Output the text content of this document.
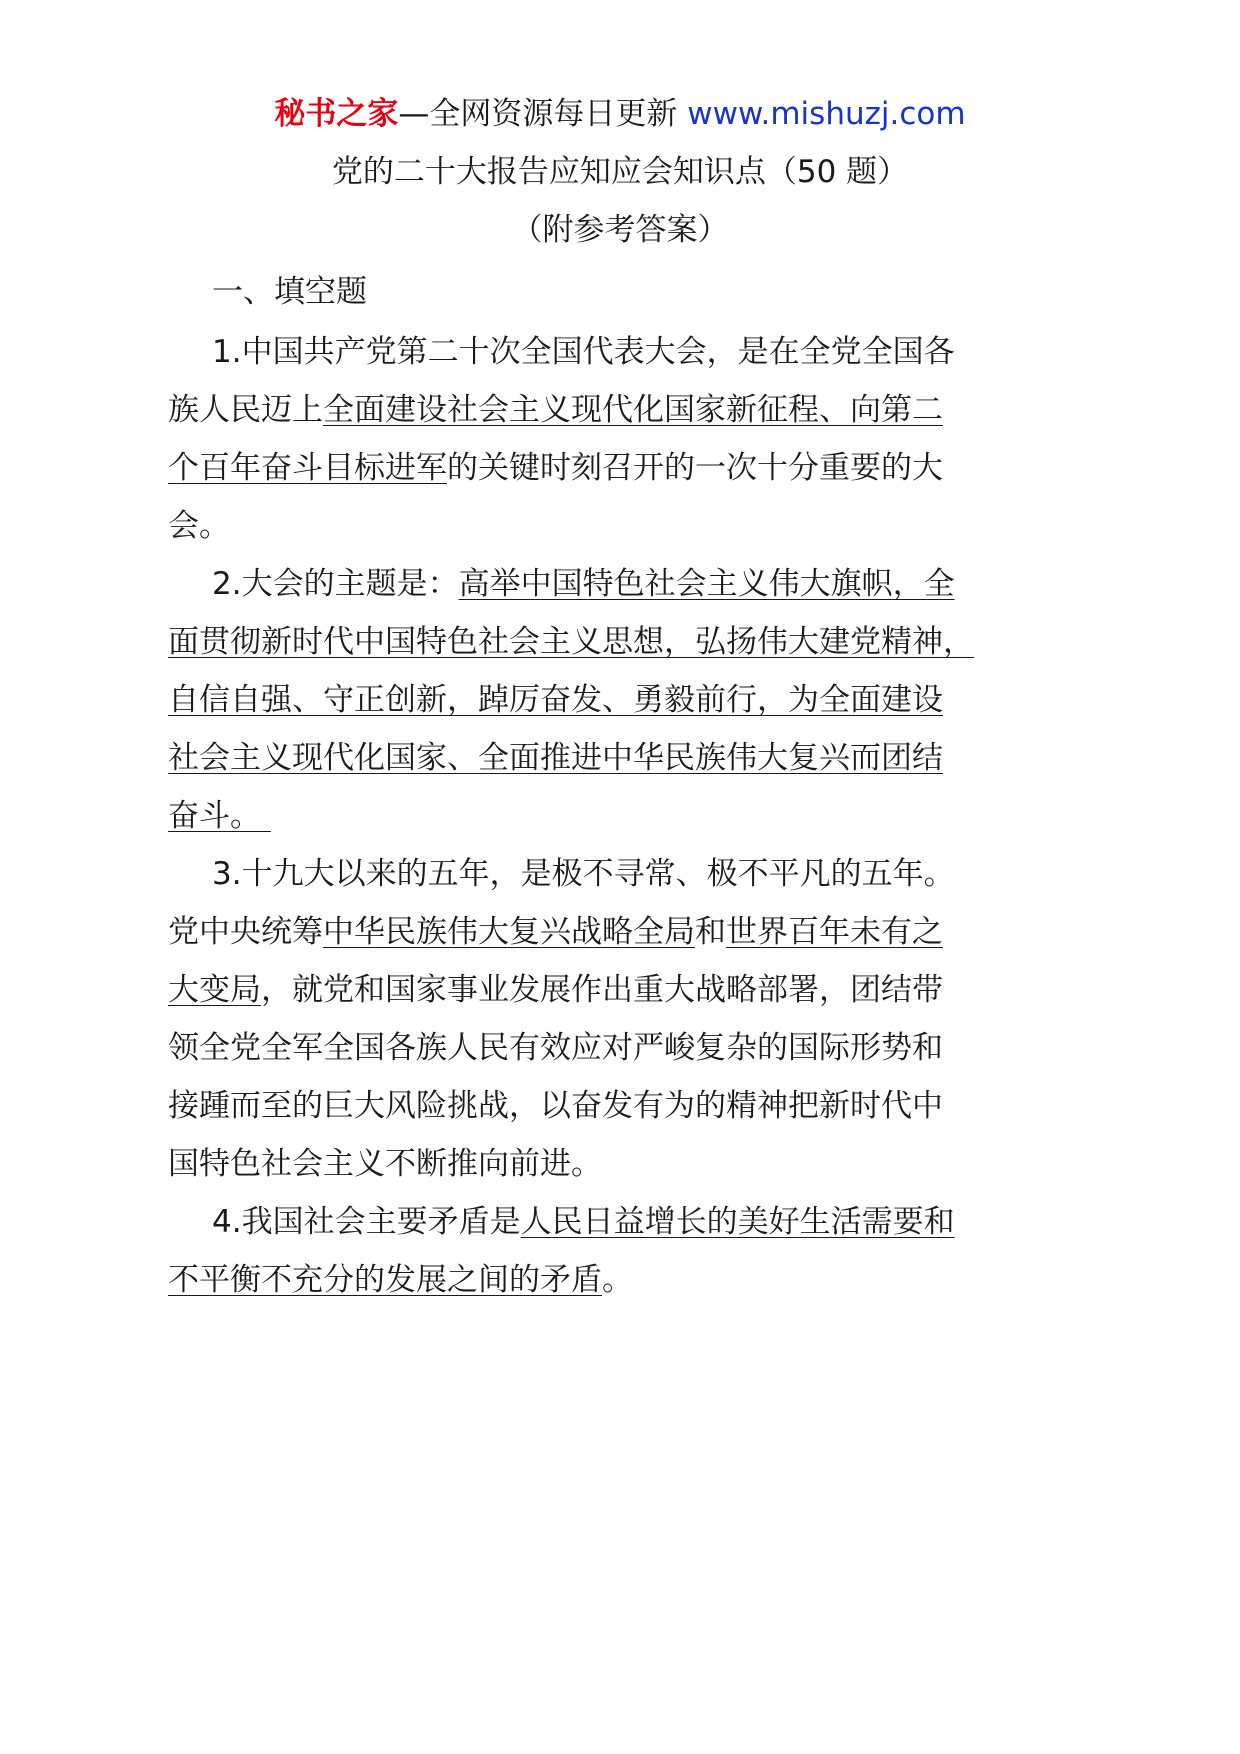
秘书之家—全网资源每日更新 www.mishuzj.com
党的二十大报告应知应会知识点（50 题）
（附参考答案）
一、填空题
1.中国共产党第二十次全国代表大会，是在全党全国各
族人民迈上全面建设社会主义现代化国家新征程、向第二
个百年奋斗目标进军的关键时刻召开的一次十分重要的大
会。
2.大会的主题是：高举中国特色社会主义伟大旗帜，全
面贯彻新时代中国特色社会主义思想，弘扬伟大建党精神，
自信自强、守正创新，踔厉奋发、勇毅前行，为全面建设
社会主义现代化国家、全面推进中华民族伟大复兴而团结
奋斗。
3.十九大以来的五年，是极不寻常、极不平凡的五年。
党中央统筹中华民族伟大复兴战略全局和世界百年未有之
大变局，就党和国家事业发展作出重大战略部署，团结带
领全党全军全国各族人民有效应对严峻复杂的国际形势和
接踵而至的巨大风险挑战，以奋发有为的精神把新时代中
国特色社会主义不断推向前进。
4.我国社会主要矛盾是人民日益增长的美好生活需要和
不平衡不充分的发展之间的矛盾。
